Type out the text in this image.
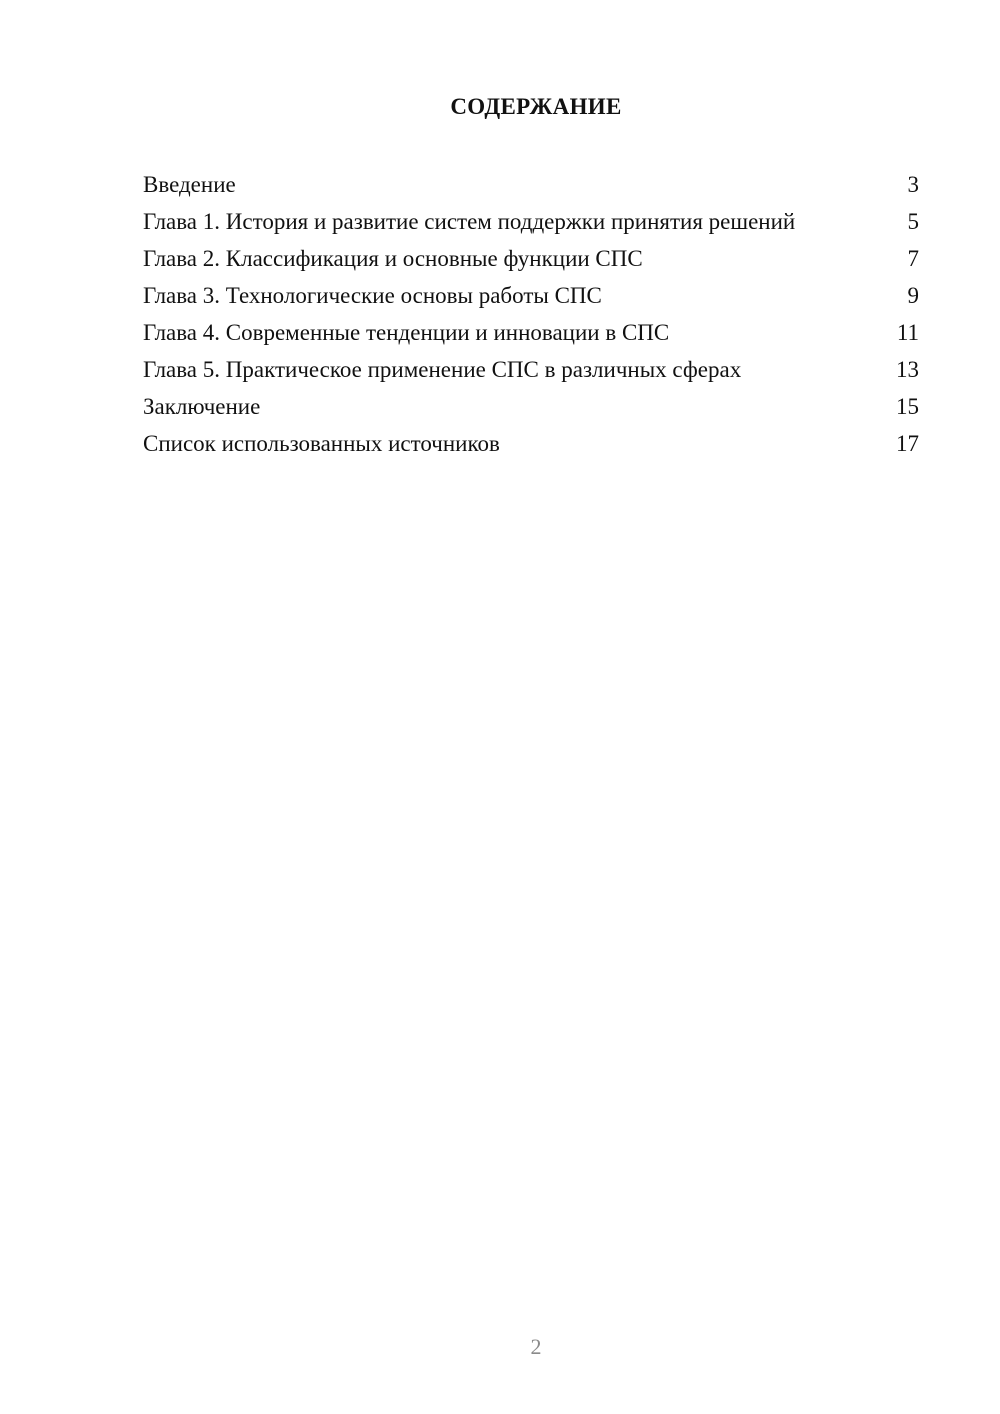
СОДЕРЖАНИЕ
Введение	3
Глава 1. История и развитие систем поддержки принятия решений	5
Глава 2. Классификация и основные функции СПС	7
Глава 3. Технологические основы работы СПС	9
Глава 4. Современные тенденции и инновации в СПС	11
Глава 5. Практическое применение СПС в различных сферах	13
Заключение	15
Список использованных источников	17
2
